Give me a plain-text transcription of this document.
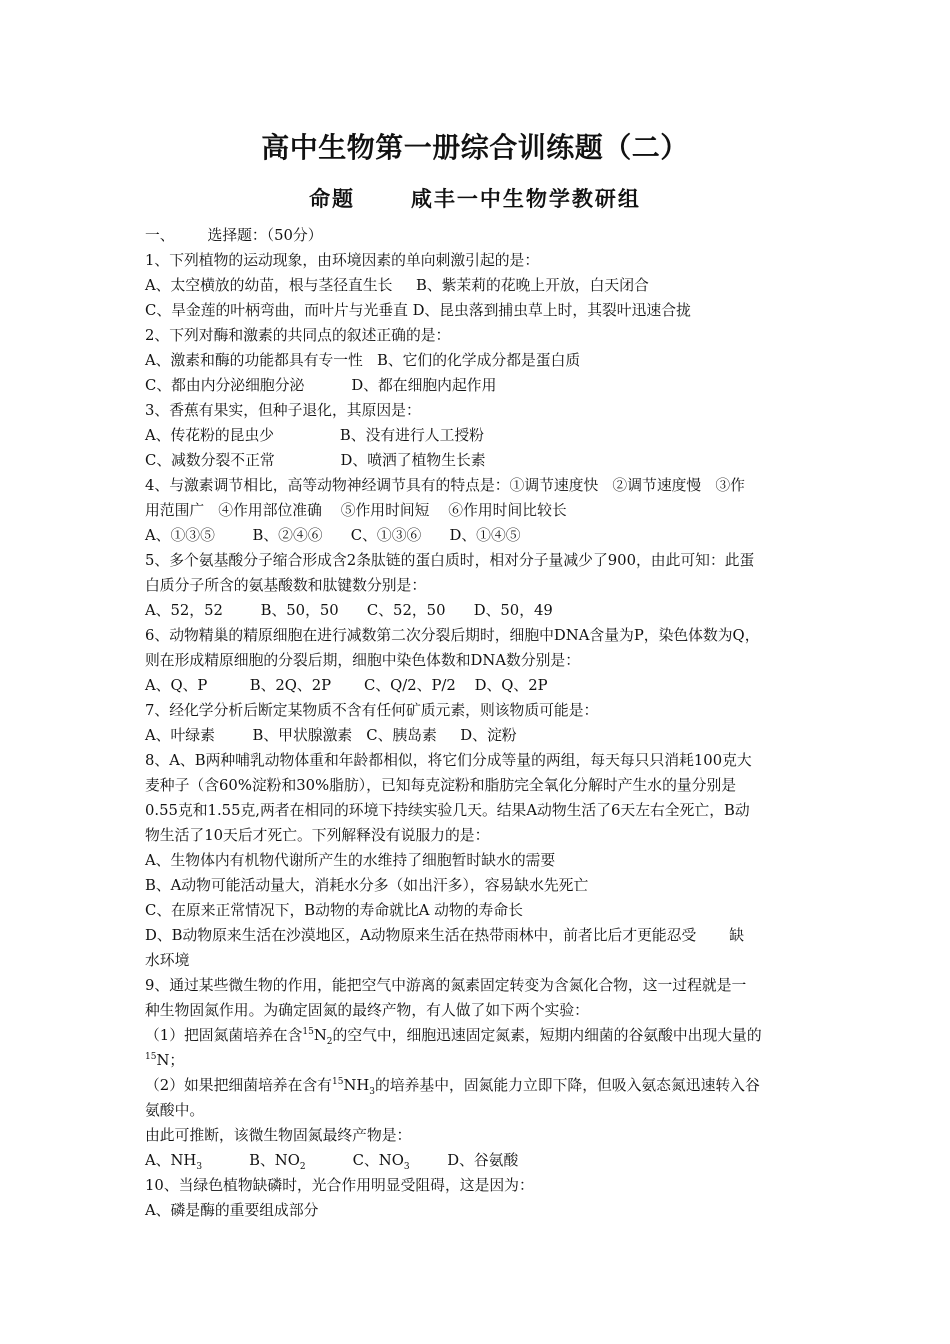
高中生物第一册综合训练题（二）
命题      咸丰一中生物学教研组
一、       选择题：（50分）
1、下列植物的运动现象，由环境因素的单向刺激引起的是：
A、太空横放的幼苗，根与茎径直生长     B、紫茉莉的花晚上开放，白天闭合
C、旱金莲的叶柄弯曲，而叶片与光垂直 D、昆虫落到捕虫草上时，其裂叶迅速合拢
2、下列对酶和激素的共同点的叙述正确的是：
A、激素和酶的功能都具有专一性   B、它们的化学成分都是蛋白质
C、都由内分泌细胞分泌          D、都在细胞内起作用
3、香蕉有果实，但种子退化，其原因是：
A、传花粉的昆虫少              B、没有进行人工授粉
C、减数分裂不正常              D、喷洒了植物生长素
4、与激素调节相比，高等动物神经调节具有的特点是：①调节速度快   ②调节速度慢   ③作
用范围广   ④作用部位准确    ⑤作用时间短    ⑥作用时间比较长
A、①③⑤        B、②④⑥      C、①③⑥      D、①④⑤
5、多个氨基酸分子缩合形成含2条肽链的蛋白质时，相对分子量减少了900，由此可知：此蛋
白质分子所含的氨基酸数和肽键数分别是：
A、52，52        B、50，50      C、52，50      D、50，49
6、动物精巢的精原细胞在进行减数第二次分裂后期时，细胞中DNA含量为P，染色体数为Q，
则在形成精原细胞的分裂后期，细胞中染色体数和DNA数分别是：
A、Q、P         B、2Q、2P       C、Q/2、P/2    D、Q、2P
7、经化学分析后断定某物质不含有任何矿质元素，则该物质可能是：
A、叶绿素        B、甲状腺激素   C、胰岛素     D、淀粉
8、A、B两种哺乳动物体重和年龄都相似，将它们分成等量的两组，每天每只只消耗100克大
麦种子（含60%淀粉和30%脂肪），已知每克淀粉和脂肪完全氧化分解时产生水的量分别是
0.55克和1.55克,两者在相同的环境下持续实验几天。结果A动物生活了6天左右全死亡，B动
物生活了10天后才死亡。下列解释没有说服力的是：
A、生物体内有机物代谢所产生的水维持了细胞暂时缺水的需要
B、A动物可能活动量大，消耗水分多（如出汗多），容易缺水先死亡
C、在原来正常情况下，B动物的寿命就比A 动物的寿命长
D、B动物原来生活在沙漠地区，A动物原来生活在热带雨林中，前者比后才更能忍受       缺
水环境
9、通过某些微生物的作用，能把空气中游离的氮素固定转变为含氮化合物，这一过程就是一
种生物固氮作用。为确定固氮的最终产物，有人做了如下两个实验：
（1）把固氮菌培养在含$^{15}N_2$的空气中，细胞迅速固定氮素，短期内细菌的谷氨酸中出现大量的
$^{15}$N；
（2）如果把细菌培养在含有$^{15}NH_3$的培养基中，固氮能力立即下降，但吸入氨态氮迅速转入谷
氨酸中。
由此可推断，该微生物固氮最终产物是：
A、$NH_3$          B、$NO_2$          C、$NO_3$        D、谷氨酸
10、当绿色植物缺磷时，光合作用明显受阻碍，这是因为：
A、磷是酶的重要组成部分
